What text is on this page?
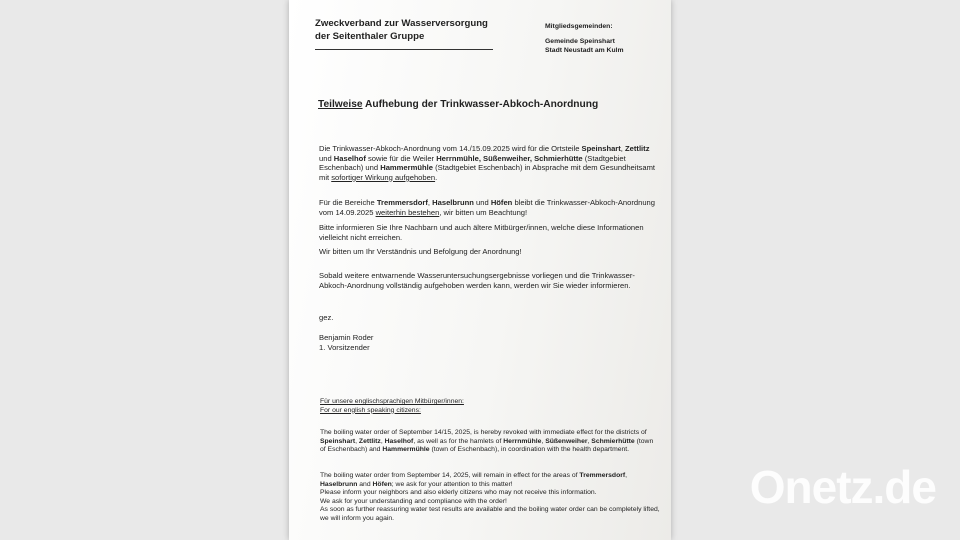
Zweckverband zur Wasserversorgung
der Seitenthaler Gruppe
Mitgliedsgemeinden:
Gemeinde Speinshart
Stadt Neustadt am Kulm
Teilweise Aufhebung der Trinkwasser-Abkoch-Anordnung
Die Trinkwasser-Abkoch-Anordnung vom 14./15.09.2025 wird für die Ortsteile Speinshart, Zettlitz und Haselhof sowie für die Weiler Herrnmühle, Süßenweiher, Schmierhütte (Stadtgebiet Eschenbach) und Hammermühle (Stadtgebiet Eschenbach) in Absprache mit dem Gesundheitsamt mit sofortiger Wirkung aufgehoben.
Für die Bereiche Tremmersdorf, Haselbrunn und Höfen bleibt die Trinkwasser-Abkoch-Anordnung vom 14.09.2025 weiterhin bestehen, wir bitten um Beachtung!
Bitte informieren Sie Ihre Nachbarn und auch ältere Mitbürger/innen, welche diese Informationen vielleicht nicht erreichen.
Wir bitten um Ihr Verständnis und Befolgung der Anordnung!
Sobald weitere entwarnende Wasseruntersuchungsergebnisse vorliegen und die Trinkwasser-Abkoch-Anordnung vollständig aufgehoben werden kann, werden wir Sie wieder informieren.
gez.
Benjamin Roder
1. Vorsitzender
Für unsere englischsprachigen Mitbürger/innen:
For our english speaking citizens:
The boiling water order of September 14/15, 2025, is hereby revoked with immediate effect for the districts of Speinshart, Zettlitz, Haselhof, as well as for the hamlets of Herrnmühle, Süßenweiher, Schmierhütte (town of Eschenbach) and Hammermühle (town of Eschenbach), in coordination with the health department.
The boiling water order from September 14, 2025, will remain in effect for the areas of Tremmersdorf, Haselbrunn and Höfen; we ask for your attention to this matter!
Please inform your neighbors and also elderly citizens who may not receive this information.
We ask for your understanding and compliance with the order!
As soon as further reassuring water test results are available and the boiling water order can be completely lifted, we will inform you again.
Onetz.de
